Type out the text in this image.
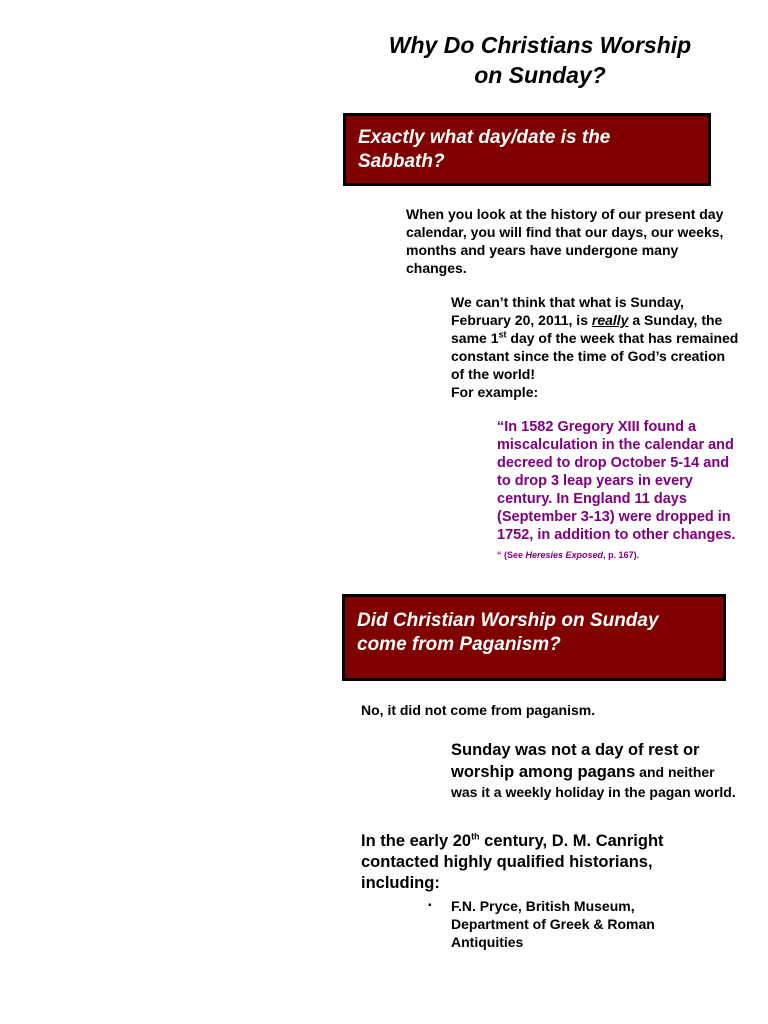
Why Do Christians Worship
on Sunday?
Exactly what day/date is the
Sabbath?
When you look at the history of our present day calendar, you will find that our days, our weeks, months and years have undergone many changes.
We can’t think that what is Sunday, February 20, 2011, is really a Sunday, the same 1st day of the week that has remained constant since the time of God’s creation of the world!
For example:
“In 1582 Gregory XIII found a miscalculation in the calendar and decreed to drop October 5-14 and to drop 3 leap years in every century. In England 11 days (September 3-13) were dropped in 1752, in addition to other changes. “ (See Heresies Exposed, p. 167).
Did Christian Worship on Sunday
come from Paganism?
No, it did not come from paganism.
Sunday was not a day of rest or worship among pagans and neither was it a weekly holiday in the pagan world.
In the early 20th century, D. M. Canright contacted highly qualified historians, including:
▪ F.N. Pryce, British Museum, Department of Greek & Roman Antiquities
